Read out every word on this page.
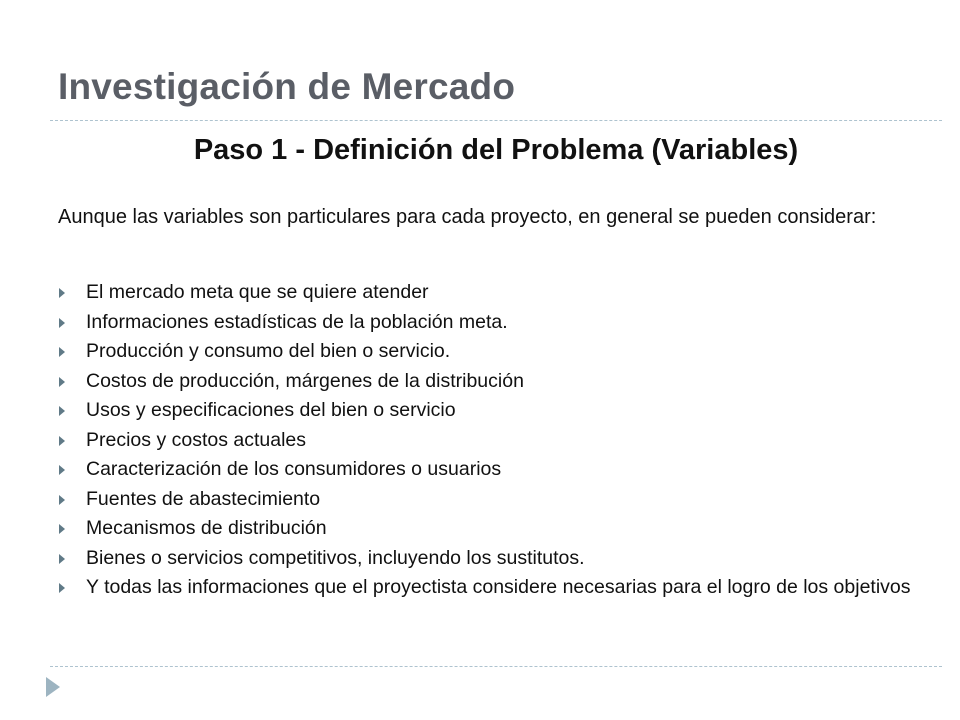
Investigación de Mercado
Paso 1 - Definición del Problema (Variables)

Aunque las variables son particulares para cada proyecto, en general se pueden considerar:

El mercado meta que se quiere atender
Informaciones estadísticas de la población meta.
Producción y consumo del bien o servicio.
Costos de producción, márgenes de la distribución
Usos y especificaciones del bien o servicio
Precios y costos actuales
Caracterización de los consumidores o usuarios
Fuentes de abastecimiento
Mecanismos de distribución
Bienes o servicios competitivos, incluyendo los sustitutos.
Y todas las informaciones que el proyectista considere necesarias para el logro de los objetivos
